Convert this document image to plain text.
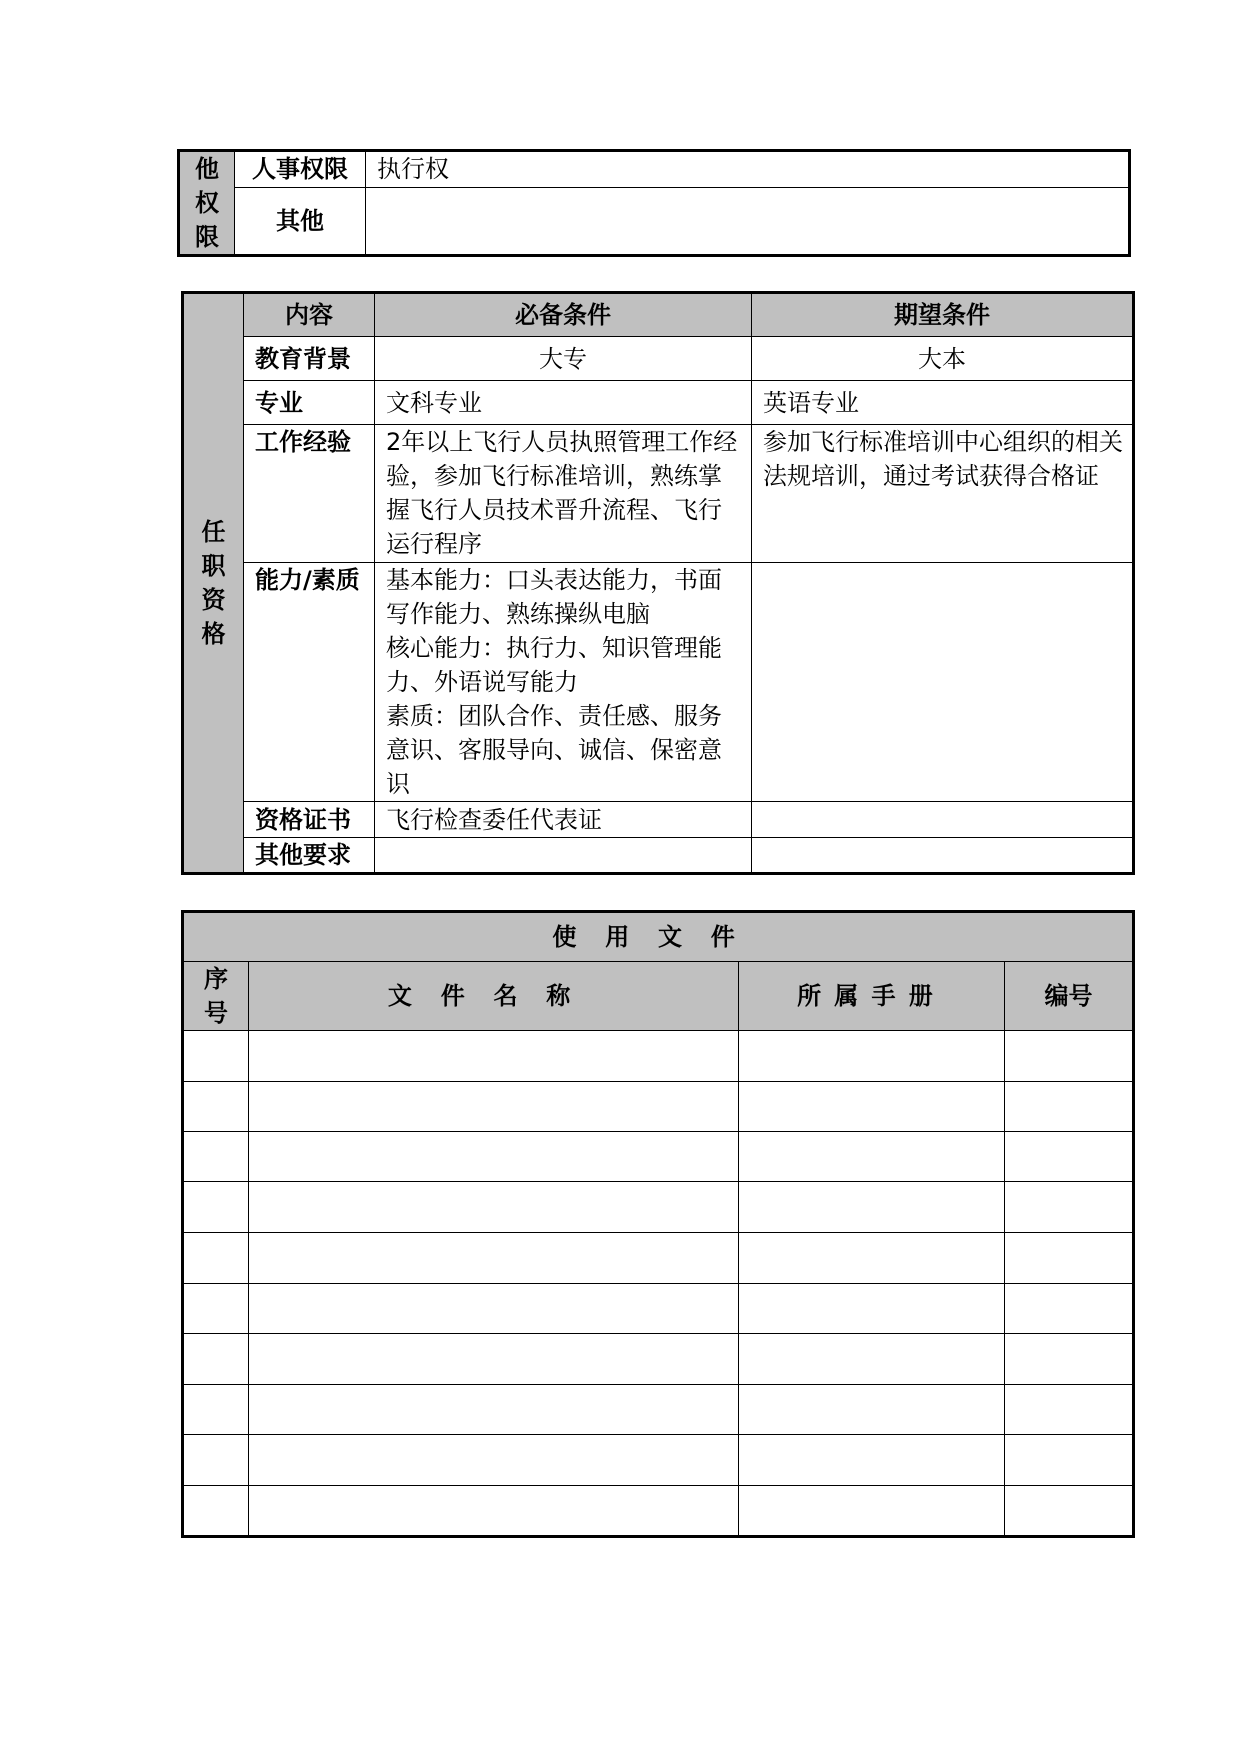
他
权
限	人事权限	执行权
	其他	
任
职
资
格	内容	必备条件	期望条件
	教育背景	大专	大本
	专业	文科专业	英语专业
	工作经验	2年以上飞行人员执照管理工作经验，参加飞行标准培训，熟练掌握飞行人员技术晋升流程、飞行运行程序	参加飞行标准培训中心组织的相关法规培训，通过考试获得合格证
	能力/素质	基本能力：口头表达能力，书面写作能力、熟练操纵电脑
核心能力：执行力、知识管理能力、外语说写能力
素质：团队合作、责任感、服务意识、客服导向、诚信、保密意识	

	资格证书	飞行检查委任代表证	
	其他要求		
使用文件			

序
号	文件名称	所属手册	编号
